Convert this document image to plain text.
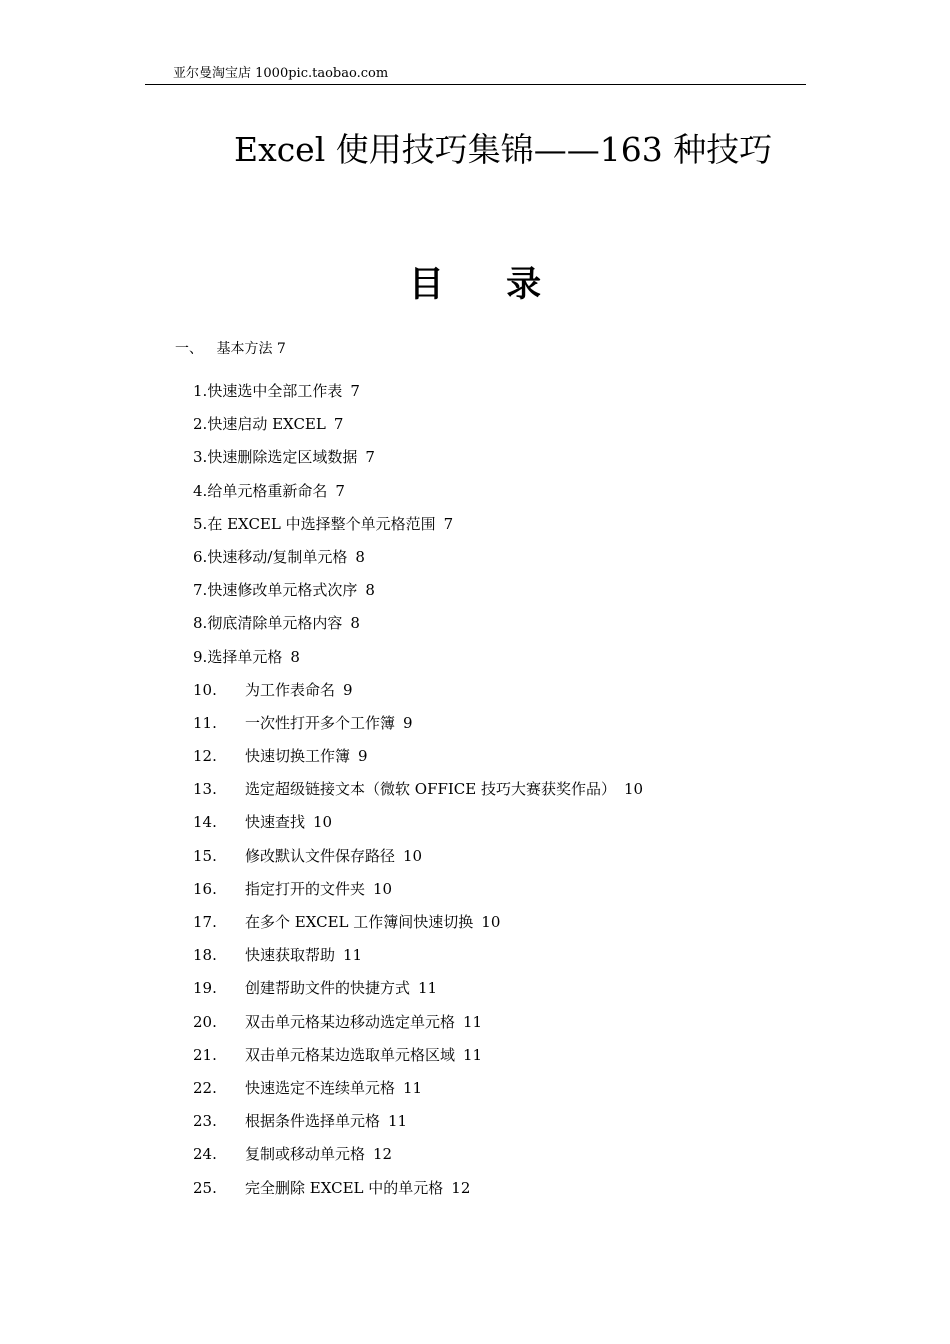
亚尔曼淘宝店 1000pic.taobao.com
Excel 使用技巧集锦——163 种技巧
目 录
一、 基本方法 7
1.快速选中全部工作表 7
2.快速启动 EXCEL 7
3.快速删除选定区域数据 7
4.给单元格重新命名 7
5.在 EXCEL 中选择整个单元格范围 7
6.快速移动/复制单元格 8
7.快速修改单元格式次序 8
8.彻底清除单元格内容 8
9.选择单元格 8
10. 为工作表命名 9
11. 一次性打开多个工作簿 9
12. 快速切换工作簿 9
13. 选定超级链接文本（微软 OFFICE 技巧大赛获奖作品） 10
14. 快速查找 10
15. 修改默认文件保存路径 10
16. 指定打开的文件夹 10
17. 在多个 EXCEL 工作簿间快速切换 10
18. 快速获取帮助 11
19. 创建帮助文件的快捷方式 11
20. 双击单元格某边移动选定单元格 11
21. 双击单元格某边选取单元格区域 11
22. 快速选定不连续单元格 11
23. 根据条件选择单元格 11
24. 复制或移动单元格 12
25. 完全删除 EXCEL 中的单元格 12
